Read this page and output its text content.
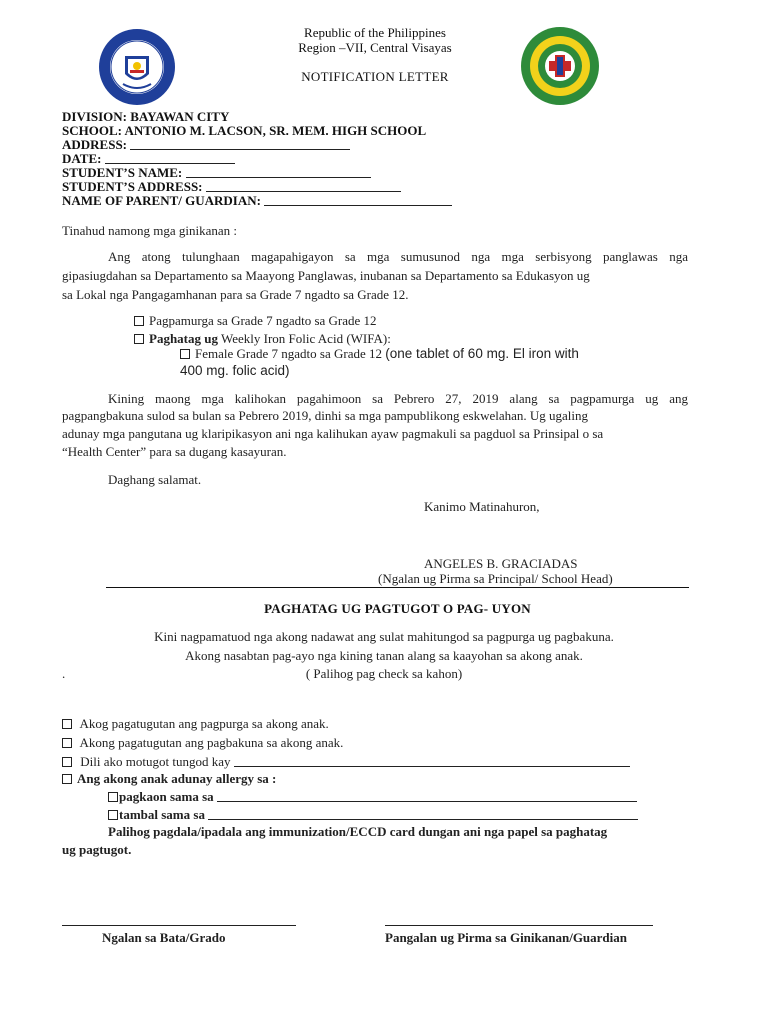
Republic of the Philippines
Region –VII, Central Visayas
NOTIFICATION LETTER
DIVISION: BAYAWAN CITY
SCHOOL: ANTONIO M. LACSON, SR. MEM. HIGH SCHOOL
ADDRESS:
DATE:
STUDENT’S NAME:
STUDENT’S ADDRESS:
NAME OF PARENT/ GUARDIAN:
Tinahud namong mga ginikanan :
Ang atong tulunghaan magapahigayon sa mga sumusunod nga mga serbisyong panglawas nga
gipasiugdahan sa Departamento sa Maayong Panglawas, inubanan sa Departamento sa Edukasyon ug
sa Lokal nga Pangagamhanan para sa Grade 7 ngadto sa Grade 12.
Pagpamurga sa Grade 7 ngadto sa Grade 12
Paghatag ug Weekly Iron Folic Acid (WIFA):
Female Grade 7 ngadto sa Grade 12 (one tablet of 60 mg. El iron with
400 mg. folic acid)
Kining maong mga kalihokan pagahimoon sa Pebrero 27, 2019 alang sa pagpamurga ug ang
pagpangbakuna sulod sa bulan sa Pebrero 2019, dinhi sa mga pampublikong eskwelahan. Ug ugaling
adunay mga pangutana ug klaripikasyon ani nga kalihukan ayaw pagmakuli sa pagduol sa Prinsipal o sa
“Health Center” para sa dugang kasayuran.
Daghang salamat.
Kanimo Matinahuron,
ANGELES B. GRACIADAS
(Ngalan ug Pirma sa Principal/ School Head)
PAGHATAG UG PAGTUGOT O PAG- UYON
Kini nagpamatuod nga akong nadawat ang sulat mahitungod sa pagpurga ug pagbakuna.
Akong nasabtan pag-ayo nga kining tanan alang sa kaayohan sa akong anak.
.	( Palihog pag check sa kahon)
Akog pagatugutan ang pagpurga sa akong anak.
Akong pagatugutan ang pagbakuna sa akong anak.
Dili ako motugot tungod kay
Ang akong anak adunay allergy sa :
pagkaon sama sa
tambal sama sa
Palihog pagdala/ipadala ang immunization/ECCD card dungan ani nga papel sa paghatag
ug pagtugot.
Ngalan sa Bata/Grado	Pangalan ug Pirma sa Ginikanan/Guardian
